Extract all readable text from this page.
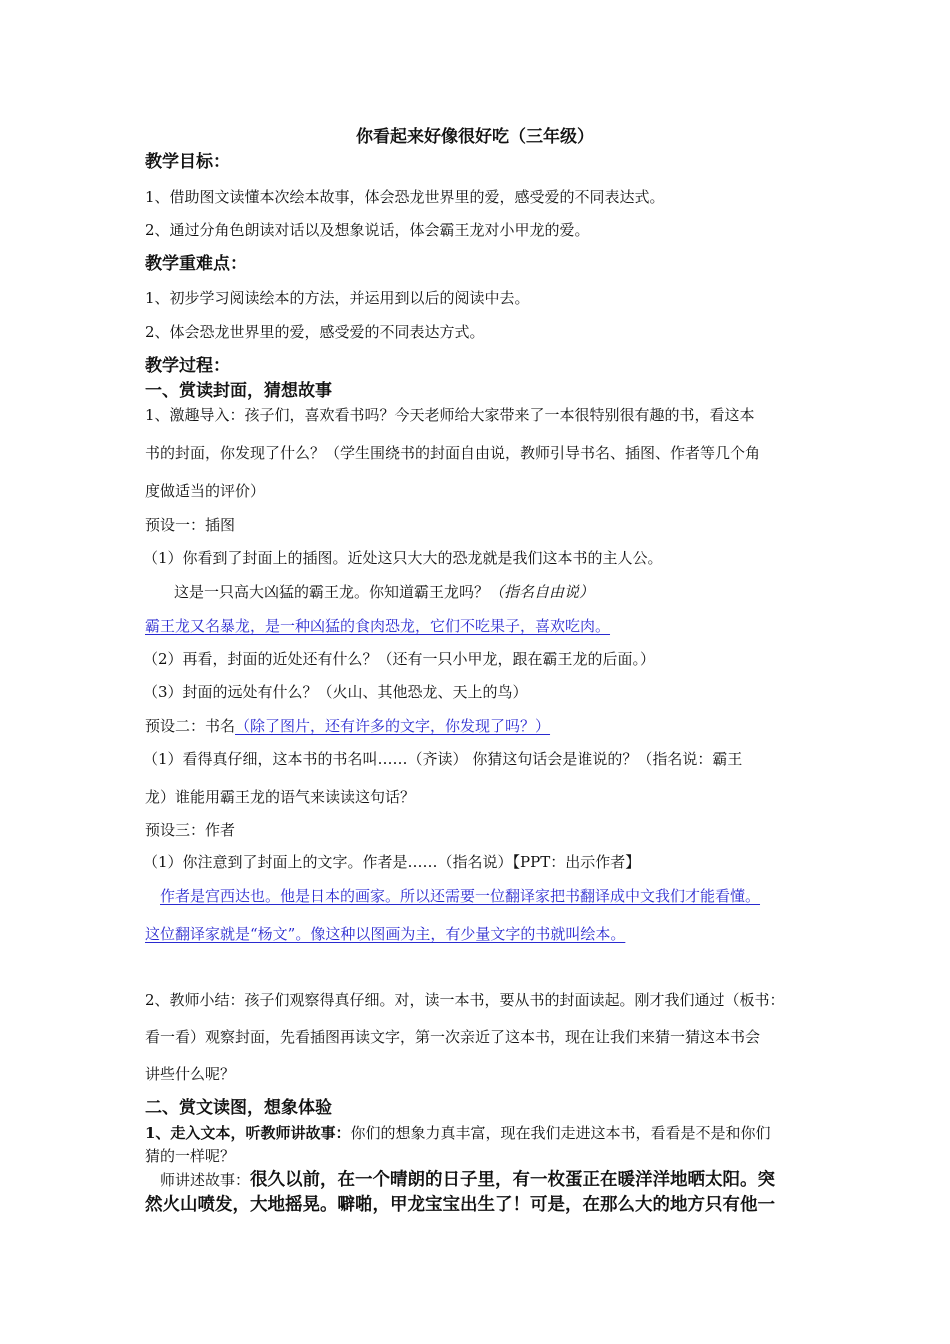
你看起来好像很好吃（三年级）
教学目标：
1、借助图文读懂本次绘本故事，体会恐龙世界里的爱，感受爱的不同表达式。
2、通过分角色朗读对话以及想象说话，体会霸王龙对小甲龙的爱。
教学重难点：
1、初步学习阅读绘本的方法，并运用到以后的阅读中去。
2、体会恐龙世界里的爱，感受爱的不同表达方式。
教学过程：
一、赏读封面，猜想故事
1、激趣导入：孩子们，喜欢看书吗？今天老师给大家带来了一本很特别很有趣的书，看这本
书的封面，你发现了什么？（学生围绕书的封面自由说，教师引导书名、插图、作者等几个角
度做适当的评价）
预设一：插图
（1）你看到了封面上的插图。近处这只大大的恐龙就是我们这本书的主人公。
这是一只高大凶猛的霸王龙。你知道霸王龙吗？（指名自由说）
霸王龙又名暴龙，是一种凶猛的食肉恐龙，它们不吃果子，喜欢吃肉。
（2）再看，封面的近处还有什么？（还有一只小甲龙，跟在霸王龙的后面。）
（3）封面的远处有什么？（火山、其他恐龙、天上的鸟）
预设二：书名（除了图片，还有许多的文字，你发现了吗？）
（1）看得真仔细，这本书的书名叫……（齐读） 你猜这句话会是谁说的？（指名说：霸王
龙）谁能用霸王龙的语气来读读这句话？
预设三：作者
（1）你注意到了封面上的文字。作者是……（指名说）【PPT：出示作者】
作者是宫西达也。他是日本的画家。所以还需要一位翻译家把书翻译成中文我们才能看懂。
这位翻译家就是“杨文”。像这种以图画为主，有少量文字的书就叫绘本。
2、教师小结：孩子们观察得真仔细。对，读一本书，要从书的封面读起。刚才我们通过（板书：
看一看）观察封面，先看插图再读文字，第一次亲近了这本书，现在让我们来猜一猜这本书会
讲些什么呢？
二、赏文读图，想象体验
1、走入文本，听教师讲故事：你们的想象力真丰富，现在我们走进这本书，看看是不是和你们
猜的一样呢？
师讲述故事：很久以前，在一个晴朗的日子里，有一枚蛋正在暖洋洋地晒太阳。突
然火山喷发，大地摇晃。噼啪，甲龙宝宝出生了！可是，在那么大的地方只有他一
